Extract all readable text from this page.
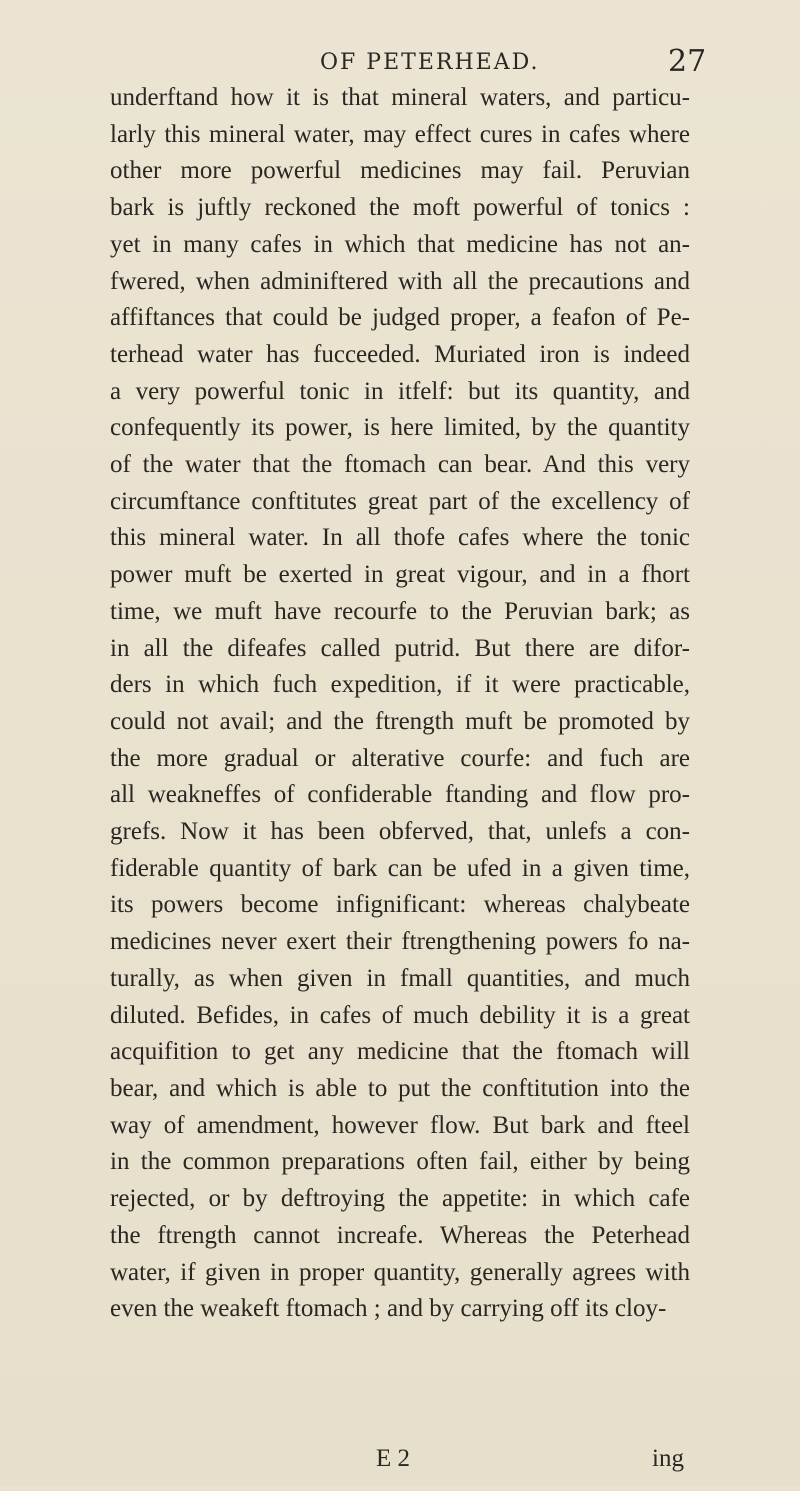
OF PETERHEAD.	27
underftand how it is that mineral waters, and particu-
larly this mineral water, may effect cures in cafes where
other more powerful medicines may fail. Peruvian
bark is juftly reckoned the moft powerful of tonics :
yet in many cafes in which that medicine has not an-
fwered, when adminiftered with all the precautions and
affiftances that could be judged proper, a feafon of Pe-
terhead water has fucceeded. Muriated iron is indeed
a very powerful tonic in itfelf: but its quantity, and
confequently its power, is here limited, by the quantity
of the water that the ftomach can bear. And this very
circumftance conftitutes great part of the excellency of
this mineral water. In all thofe cafes where the tonic
power muft be exerted in great vigour, and in a fhort
time, we muft have recourfe to the Peruvian bark; as
in all the difeafes called putrid. But there are difor-
ders in which fuch expedition, if it were practicable,
could not avail; and the ftrength muft be promoted by
the more gradual or alterative courfe: and fuch are
all weakneffes of confiderable ftanding and flow pro-
grefs. Now it has been obferved, that, unlefs a con-
fiderable quantity of bark can be ufed in a given time,
its powers become infignificant: whereas chalybeate
medicines never exert their ftrengthening powers fo na-
turally, as when given in fmall quantities, and much
diluted. Befides, in cafes of much debility it is a great
acquifition to get any medicine that the ftomach will
bear, and which is able to put the conftitution into the
way of amendment, however flow. But bark and fteel
in the common preparations often fail, either by being
rejected, or by deftroying the appetite: in which cafe
the ftrength cannot increafe. Whereas the Peterhead
water, if given in proper quantity, generally agrees with
even the weakeft ftomach ; and by carrying off its cloy-
E 2	ing
